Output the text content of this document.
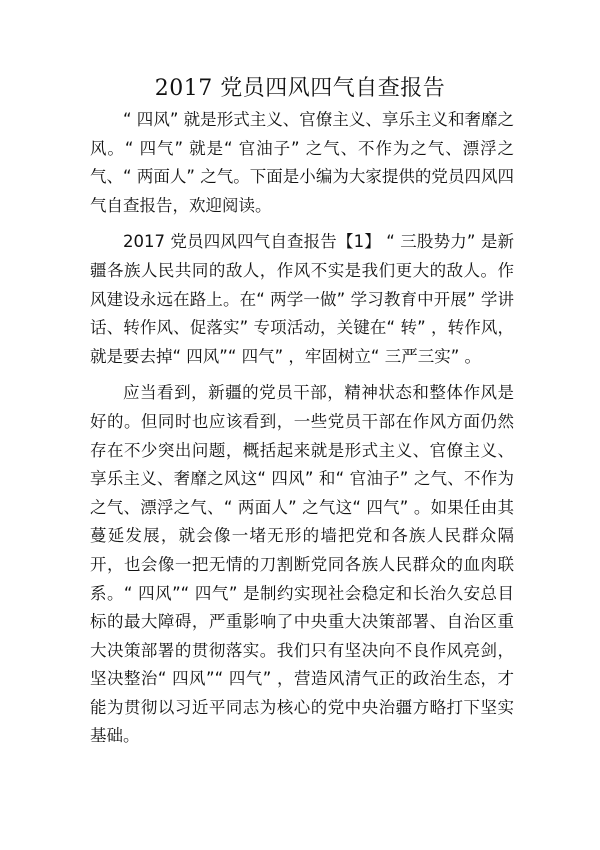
2017 党员四风四气自查报告

“ 四风” 就是形式主义、官僚主义、享乐主义和奢靡之风。“ 四气” 就是“ 官油子” 之气、不作为之气、漂浮之气、“ 两面人” 之气。下面是小编为大家提供的党员四风四气自查报告，欢迎阅读。

2017 党员四风四气自查报告【1】 “ 三股势力” 是新疆各族人民共同的敌人，作风不实是我们更大的敌人。作风建设永远在路上。在“ 两学一做” 学习教育中开展” 学讲话、转作风、促落实” 专项活动，关键在“ 转” ，转作风，就是要去掉“ 四风”“ 四气” ，牢固树立“ 三严三实” 。

应当看到，新疆的党员干部，精神状态和整体作风是好的。但同时也应该看到，一些党员干部在作风方面仍然存在不少突出问题，概括起来就是形式主义、官僚主义、享乐主义、奢靡之风这“ 四风” 和“ 官油子” 之气、不作为之气、漂浮之气、“ 两面人” 之气这“ 四气” 。如果任由其蔓延发展，就会像一堵无形的墙把党和各族人民群众隔开，也会像一把无情的刀割断党同各族人民群众的血肉联系。“ 四风”“ 四气” 是制约实现社会稳定和长治久安总目标的最大障碍，严重影响了中央重大决策部署、自治区重大决策部署的贯彻落实。我们只有坚决向不良作风亮剑，坚决整治“ 四风”“ 四气” ，营造风清气正的政治生态，才能为贯彻以习近平同志为核心的党中央治疆方略打下坚实基础。
